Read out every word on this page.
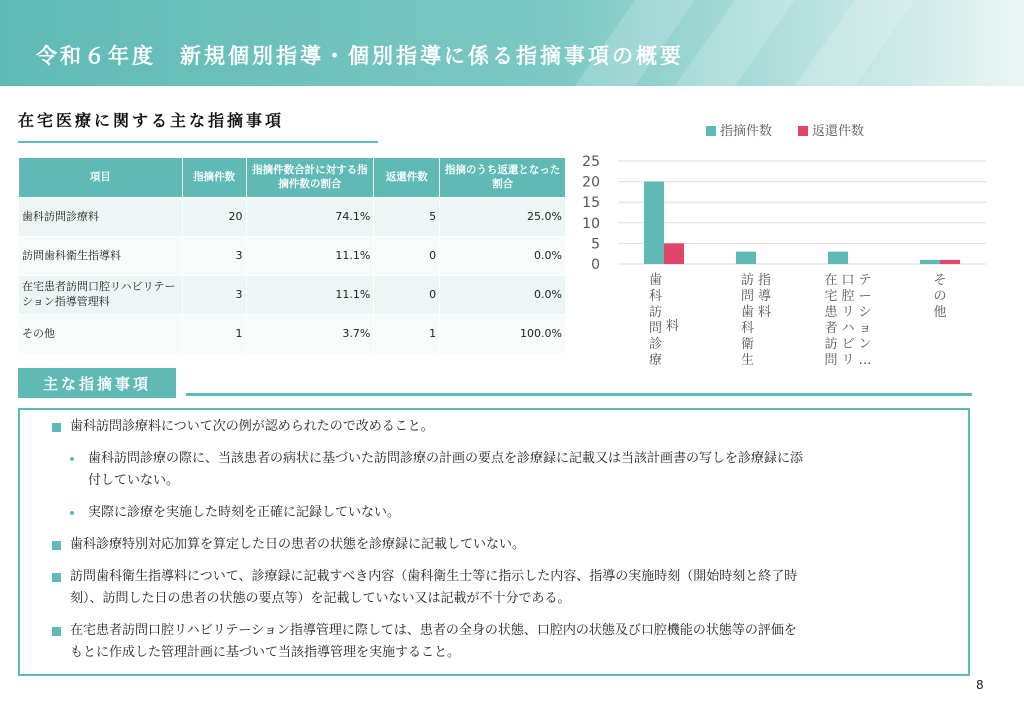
令和６年度　新規個別指導・個別指導に係る指摘事項の概要
在宅医療に関する主な指摘事項
項目	指摘件数	指摘件数合計に対する指摘件数の割合	返還件数	指摘のうち返還となった割合
歯科訪問診療料	20	74.1%	5	25.0%
訪問歯科衛生指導料	3	11.1%	0	0.0%
在宅患者訪問口腔リハビリテーション指導管理料	3	11.1%	0	0.0%
その他	1	3.7%	1	100.0%
指摘件数	返還件数
0
5
10
15
20
25
料
歯
科
訪
問
診
療
指
導
料
訪
問
歯
科
衛
生
テ
ー
シ
ョ
ン
…
口
腔
リ
ハ
ビ
リ
在
宅
患
者
訪
問
そ
の
他
主な指摘事項
歯科訪問診療料について次の例が認められたので改めること。
歯科訪問診療の際に、当該患者の病状に基づいた訪問診療の計画の要点を診療録に記載又は当該計画書の写しを診療録に添
付していない。
実際に診療を実施した時刻を正確に記録していない。
歯科診療特別対応加算を算定した日の患者の状態を診療録に記載していない。
訪問歯科衛生指導料について、診療録に記載すべき内容（歯科衛生士等に指示した内容、指導の実施時刻（開始時刻と終了時
刻）、訪問した日の患者の状態の要点等）を記載していない又は記載が不十分である。
在宅患者訪問口腔リハビリテーション指導管理に際しては、患者の全身の状態、口腔内の状態及び口腔機能の状態等の評価を
もとに作成した管理計画に基づいて当該指導管理を実施すること。
8
